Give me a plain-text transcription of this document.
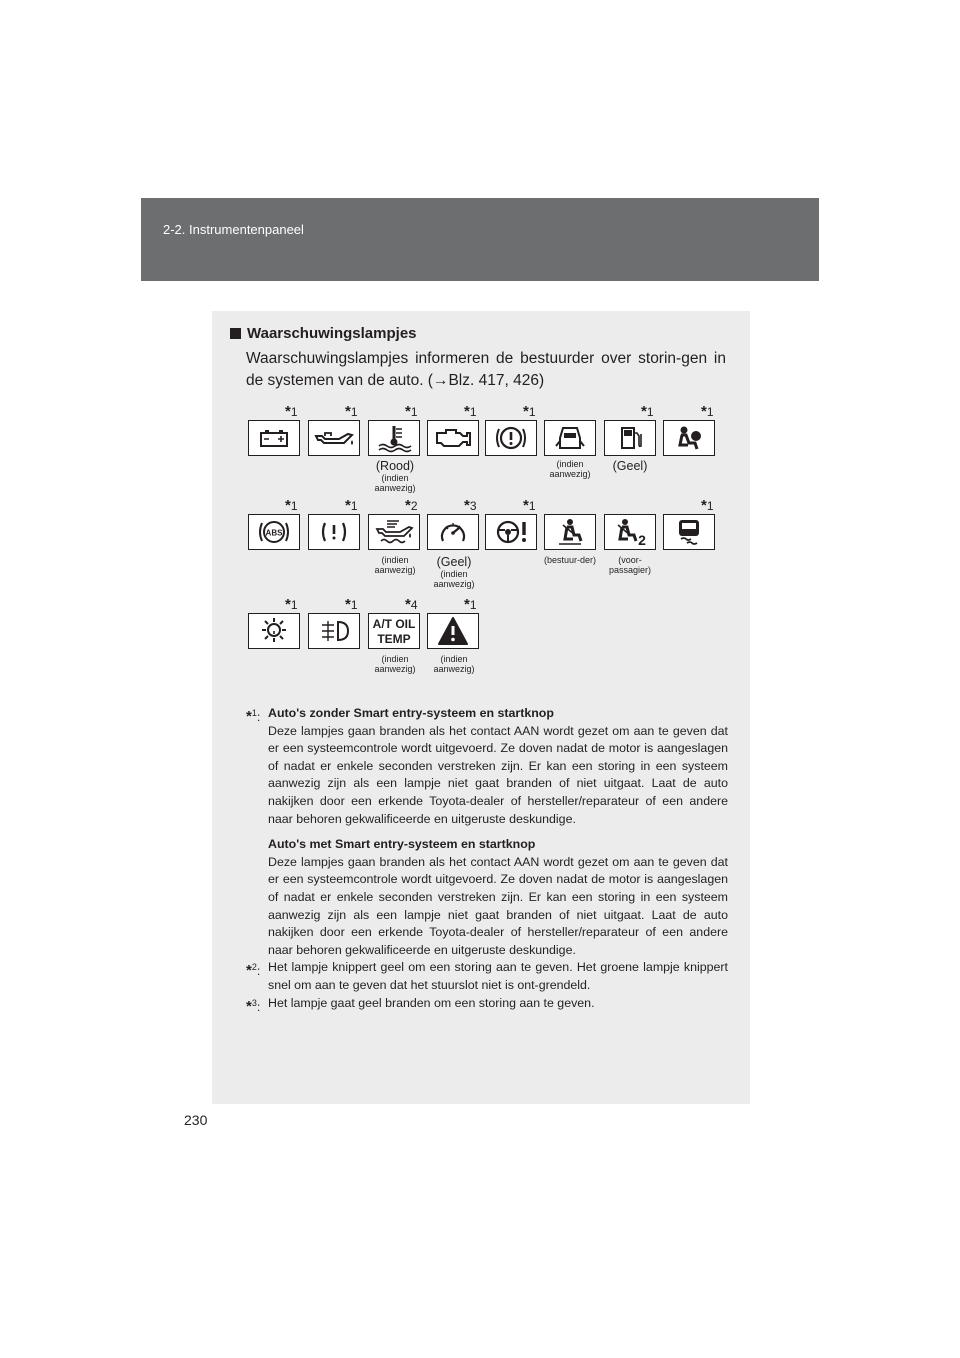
2-2. Instrumentenpaneel
Waarschuwingslampjes
Waarschuwingslampjes informeren de bestuurder over storin-gen in de systemen van de auto. (→Blz. 417, 426)
*1	*1	*1
(Rood)
(indien aanwezig)
*1	*1
(indien aanwezig)
*1
(Geel)
*1
*1
ABS
*1	*2
(indien aanwezig)
*3
(Geel)
(indien aanwezig)
*1
(bestuur-der)
2
(voor-passagier)
*1
*1	*1	*4
A/T OIL
TEMP
(indien aanwezig)
*1
(indien aanwezig)
*$^1$: Auto's zonder Smart entry-systeem en startknop
Deze lampjes gaan branden als het contact AAN wordt gezet om aan te geven dat er een systeemcontrole wordt uitgevoerd. Ze doven nadat de motor is aangeslagen of nadat er enkele seconden verstreken zijn. Er kan een storing in een systeem aanwezig zijn als een lampje niet gaat branden of niet uitgaat. Laat de auto nakijken door een erkende Toyota-dealer of hersteller/reparateur of een andere naar behoren gekwalificeerde en uitgeruste deskundige.
Auto's met Smart entry-systeem en startknop
Deze lampjes gaan branden als het contact AAN wordt gezet om aan te geven dat er een systeemcontrole wordt uitgevoerd. Ze doven nadat de motor is aangeslagen of nadat er enkele seconden verstreken zijn. Er kan een storing in een systeem aanwezig zijn als een lampje niet gaat branden of niet uitgaat. Laat de auto nakijken door een erkende Toyota-dealer of hersteller/reparateur of een andere naar behoren gekwalificeerde en uitgeruste deskundige.
*$^2$: Het lampje knippert geel om een storing aan te geven. Het groene lampje knippert snel om aan te geven dat het stuurslot niet is ont-grendeld.
*$^3$: Het lampje gaat geel branden om een storing aan te geven.
230
